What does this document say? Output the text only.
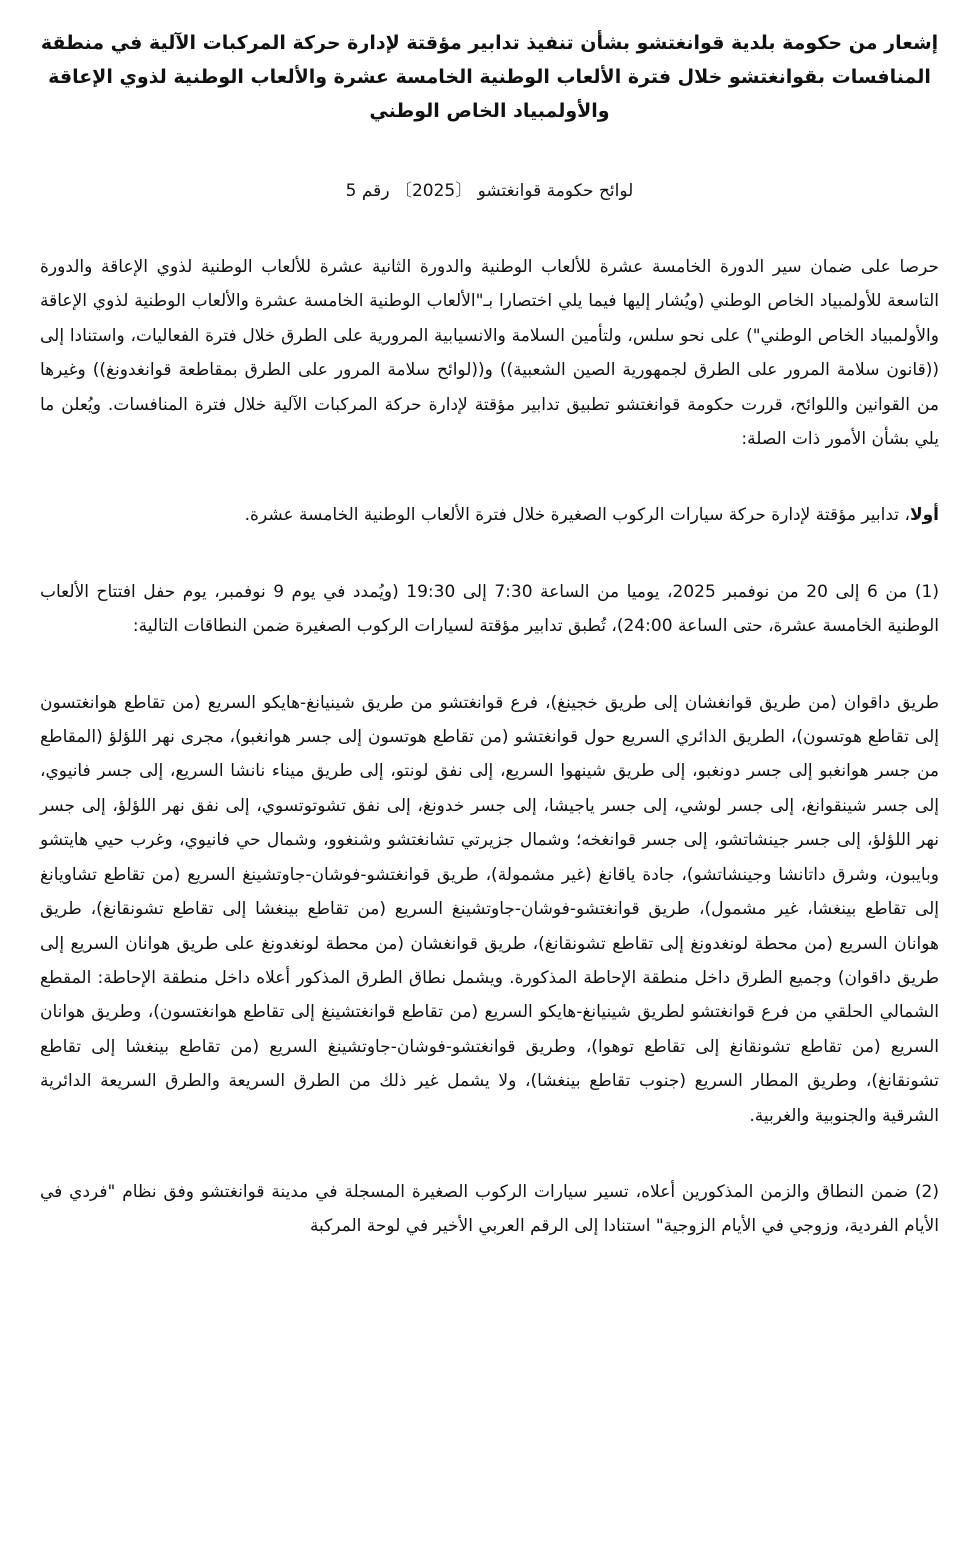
إشعار من حكومة بلدية قوانغتشو بشأن تنفيذ تدابير مؤقتة لإدارة حركة المركبات الآلية في منطقة المنافسات بقوانغتشو خلال فترة الألعاب الوطنية الخامسة عشرة والألعاب الوطنية لذوي الإعاقة والأولمبياد الخاص الوطني

لوائح حكومة قوانغتشو 〔2025〕 رقم 5

حرصا على ضمان سير الدورة الخامسة عشرة للألعاب الوطنية والدورة الثانية عشرة للألعاب الوطنية لذوي الإعاقة والدورة التاسعة للأولمبياد الخاص الوطني (ويُشار إليها فيما يلي اختصارا بـ"الألعاب الوطنية الخامسة عشرة والألعاب الوطنية لذوي الإعاقة والأولمبياد الخاص الوطني") على نحو سلس، ولتأمين السلامة والانسيابية المرورية على الطرق خلال فترة الفعاليات، واستنادا إلى ((قانون سلامة المرور على الطرق لجمهورية الصين الشعبية)) و((لوائح سلامة المرور على الطرق بمقاطعة قوانغدونغ)) وغيرها من القوانين واللوائح، قررت حكومة قوانغتشو تطبيق تدابير مؤقتة لإدارة حركة المركبات الآلية خلال فترة المنافسات. ويُعلن ما يلي بشأن الأمور ذات الصلة:

أولا، تدابير مؤقتة لإدارة حركة سيارات الركوب الصغيرة خلال فترة الألعاب الوطنية الخامسة عشرة.

(1) من 6 إلى 20 من نوفمبر 2025، يوميا من الساعة 7:30 إلى 19:30 (ويُمدد في يوم 9 نوفمبر، يوم حفل افتتاح الألعاب الوطنية الخامسة عشرة، حتى الساعة 24:00)، تُطبق تدابير مؤقتة لسيارات الركوب الصغيرة ضمن النطاقات التالية:

طريق داقوان (من طريق قوانغشان إلى طريق خجينغ)، فرع قوانغتشو من طريق شينيانغ-هايكو السريع (من تقاطع هوانغتسون إلى تقاطع هوتسون)، الطريق الدائري السريع حول قوانغتشو (من تقاطع هوتسون إلى جسر هوانغبو)، مجرى نهر اللؤلؤ (المقاطع من جسر هوانغبو إلى جسر دونغبو، إلى طريق شينهوا السريع، إلى نفق لونتو، إلى طريق ميناء نانشا السريع، إلى جسر فانيوي، إلى جسر شينقوانغ، إلى جسر لوشي، إلى جسر ياجيشا، إلى جسر خدونغ، إلى نفق تشوتوتسوي، إلى نفق نهر اللؤلؤ، إلى جسر نهر اللؤلؤ، إلى جسر جينشاتشو، إلى جسر قوانغخه؛ وشمال جزيرتي تشانغتشو وشنغوو، وشمال حي فانيوي، وغرب حيي هايتشو وبايبون، وشرق داتانشا وجينشاتشو)، جادة ياقانغ (غير مشمولة)، طريق قوانغتشو-فوشان-جاوتشينغ السريع (من تقاطع تشاويانغ إلى تقاطع بينغشا، غير مشمول)، طريق قوانغتشو-فوشان-جاوتشينغ السريع (من تقاطع بينغشا إلى تقاطع تشونقانغ)، طريق هوانان السريع (من محطة لونغدونغ إلى تقاطع تشونقانغ)، طريق قوانغشان (من محطة لونغدونغ على طريق هوانان السريع إلى طريق داقوان) وجميع الطرق داخل منطقة الإحاطة المذكورة. ويشمل نطاق الطرق المذكور أعلاه داخل منطقة الإحاطة: المقطع الشمالي الحلقي من فرع قوانغتشو لطريق شينيانغ-هايكو السريع (من تقاطع قوانغتشينغ إلى تقاطع هوانغتسون)، وطريق هوانان السريع (من تقاطع تشونقانغ إلى تقاطع توهوا)، وطريق قوانغتشو-فوشان-جاوتشينغ السريع (من تقاطع بينغشا إلى تقاطع تشونقانغ)، وطريق المطار السريع (جنوب تقاطع بينغشا)، ولا يشمل غير ذلك من الطرق السريعة والطرق السريعة الدائرية الشرقية والجنوبية والغربية.

(2) ضمن النطاق والزمن المذكورين أعلاه، تسير سيارات الركوب الصغيرة المسجلة في مدينة قوانغتشو وفق نظام "فردي في الأيام الفردية، وزوجي في الأيام الزوجية" استنادا إلى الرقم العربي الأخير في لوحة المركبة
